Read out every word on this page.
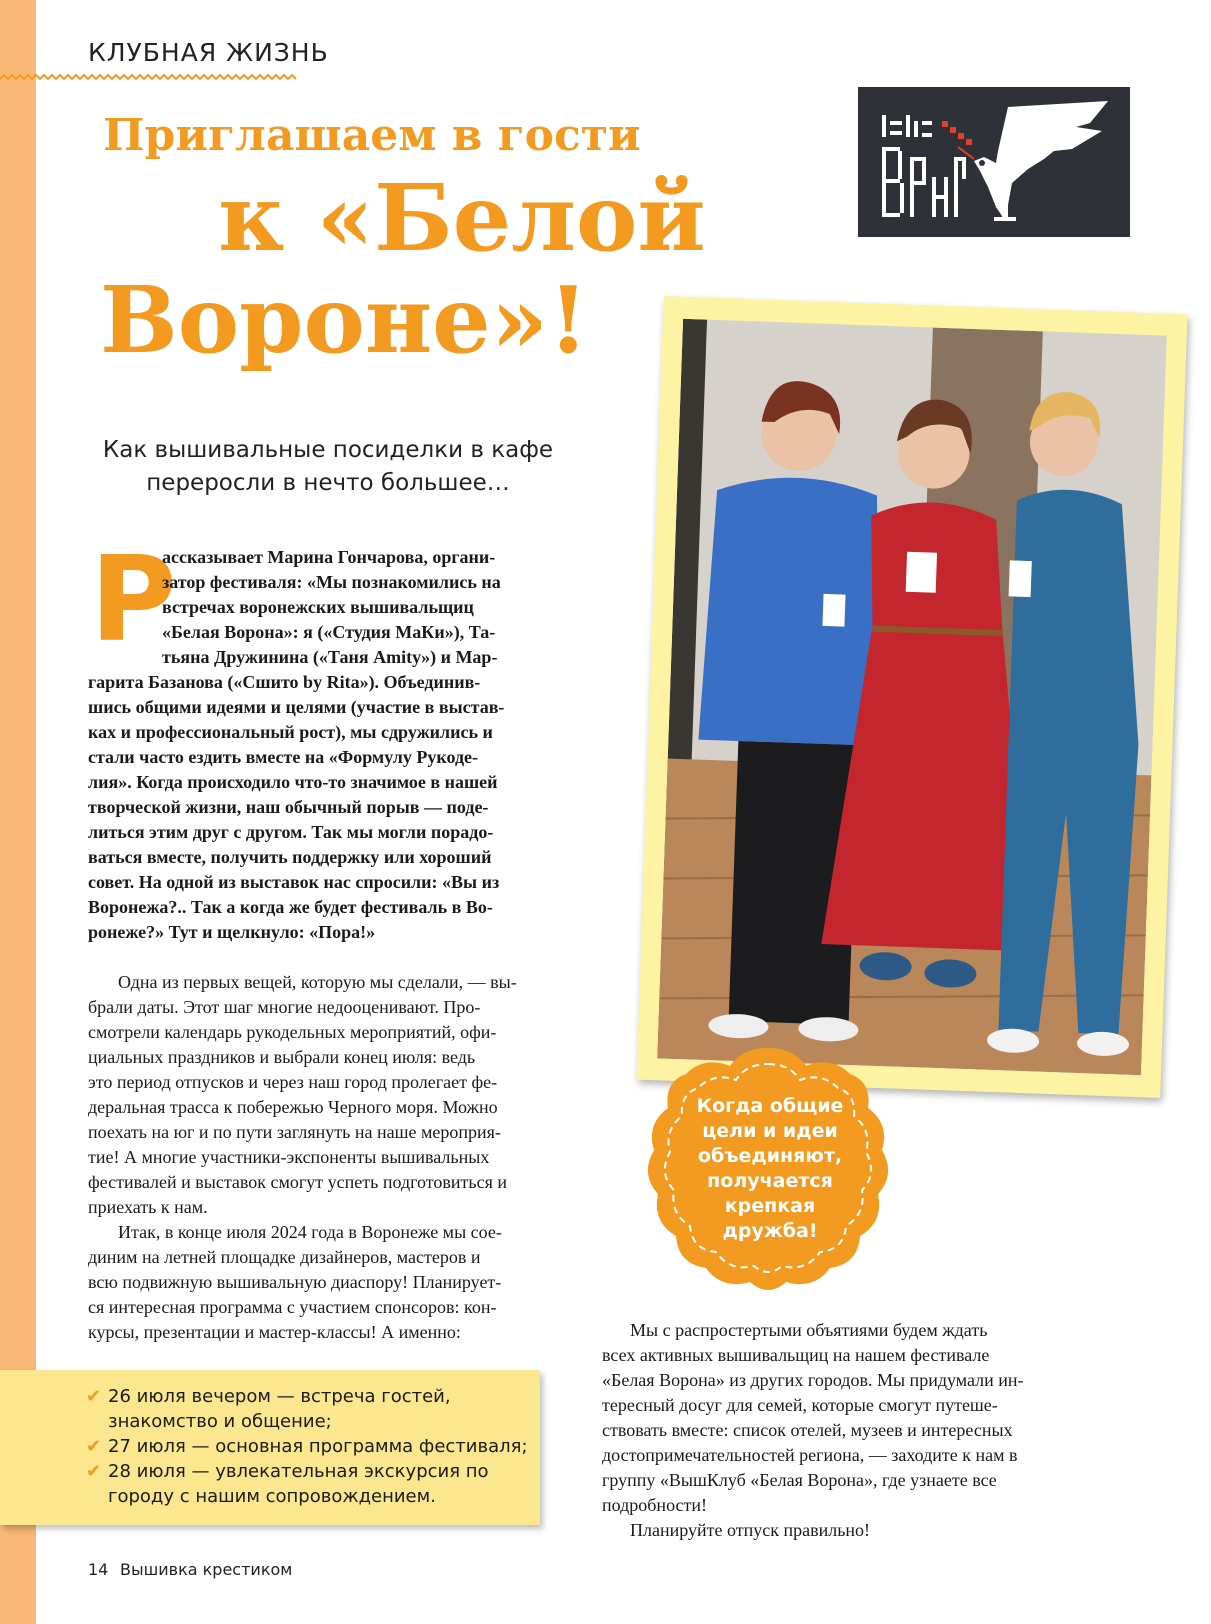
КЛУБНАЯ ЖИЗНЬ

Приглашаем в гости
к «Белой
Вороне»!
Как вышивальные посиделки в кафе
переросли в нечто большее…
Р
ассказывает Марина Гончарова, органи-
затор фестиваля: «Мы познакомились на
встречах воронежских вышивальщиц
«Белая Ворона»: я («Студия МаКи»), Та-
тьяна Дружинина («Таня Amity») и Мар-
гарита Базанова («Сшито by Rita»). Объединив-
шись общими идеями и целями (участие в выстав-
ках и профессиональный рост), мы сдружились и
стали часто ездить вместе на «Формулу Рукоде-
лия». Когда происходило что-то значимое в нашей
творческой жизни, наш обычный порыв — поде-
литься этим друг с другом. Так мы могли порадо-
ваться вместе, получить поддержку или хороший
совет. На одной из выставок нас спросили: «Вы из
Воронежа?.. Так а когда же будет фестиваль в Во-
ронеже?» Тут и щелкнуло: «Пора!»
Одна из первых вещей, которую мы сделали, — вы-
брали даты. Этот шаг многие недооценивают. Про-
смотрели календарь рукодельных мероприятий, офи-
циальных праздников и выбрали конец июля: ведь
это период отпусков и через наш город пролегает фе-
деральная трасса к побережью Черного моря. Можно
поехать на юг и по пути заглянуть на наше мероприя-
тие! А многие участники-экспоненты вышивальных
фестивалей и выставок смогут успеть подготовиться и
приехать к нам.
Итак, в конце июля 2024 года в Воронеже мы сое-
диним на летней площадке дизайнеров, мастеров и
всю подвижную вышивальную диаспору! Планирует-
ся интересная программа с участием спонсоров: кон-
курсы, презентации и мастер-классы! А именно:
✔ 26 июля вечером — встреча гостей,
знакомство и общение;
✔ 27 июля — основная программа фестиваля;
✔ 28 июля — увлекательная экскурсия по
городу с нашим сопровождением.
Когда общие
цели и идеи
объединяют,
получается
крепкая дружба!
Мы с распростертыми объятиями будем ждать
всех активных вышивальщиц на нашем фестивале
«Белая Ворона» из других городов. Мы придумали ин-
тересный досуг для семей, которые смогут путеше-
ствовать вместе: список отелей, музеев и интересных
достопримечательностей региона, — заходите к нам в
группу «ВышКлуб «Белая Ворона», где узнаете все
подробности!
Планируйте отпуск правильно!
14 Вышивка крестиком
